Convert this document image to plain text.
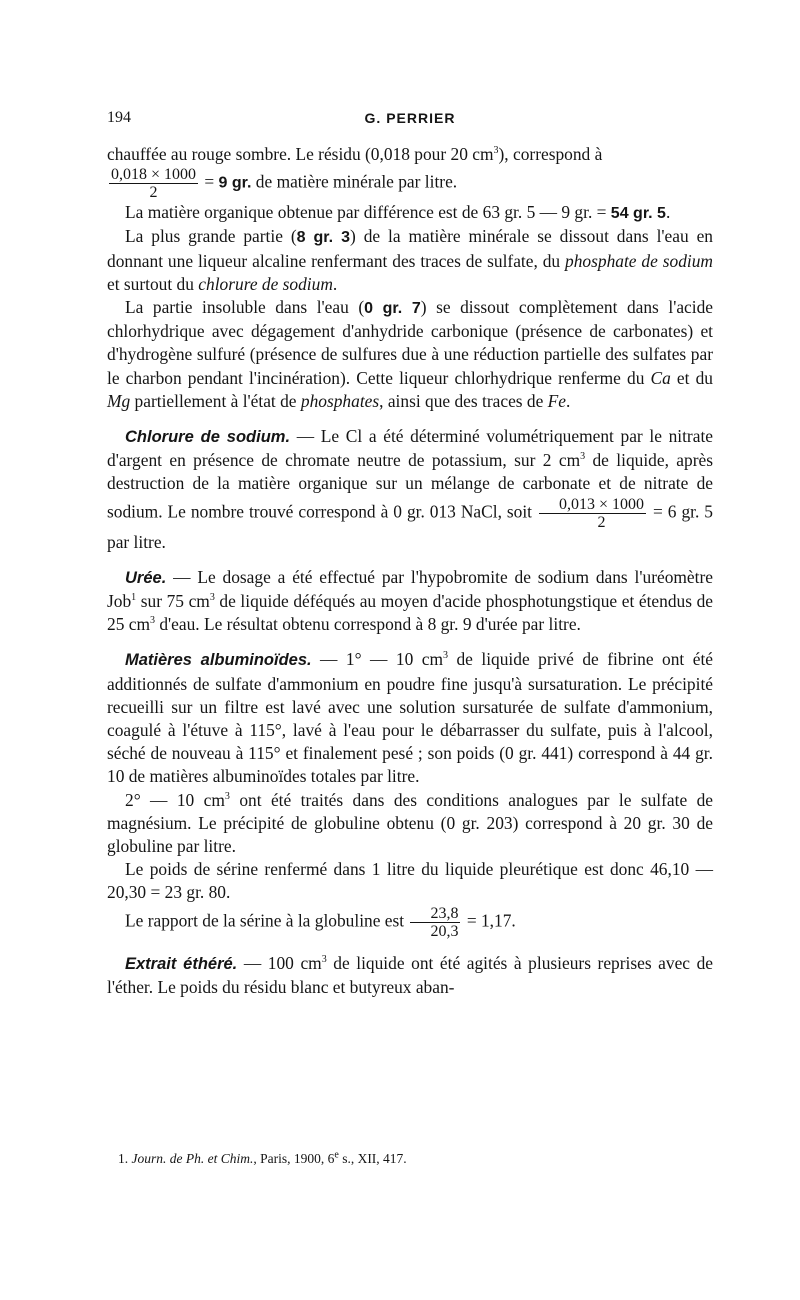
194	G. PERRIER

chauffée au rouge sombre. Le résidu (0,018 pour 20 $cm^3$), correspond à

$\frac{0,018 \times 1000}{2} = 9$ gr. de matière minérale par litre.

La matière organique obtenue par différence est de 63 gr. 5 — 9 gr. = 54 gr. 5.

La plus grande partie (8 gr. 3) de la matière minérale se dissout dans l'eau en donnant une liqueur alcaline renfermant des traces de sulfate, du phosphate de sodium et surtout du chlorure de sodium.

La partie insoluble dans l'eau (0 gr. 7) se dissout complètement dans l'acide chlorhydrique avec dégagement d'anhydride carbonique (présence de carbonates) et d'hydrogène sulfuré (présence de sulfures due à une réduction partielle des sulfates par le charbon pendant l'incinération). Cette liqueur chlorhydrique renferme du Ca et du Mg partiellement à l'état de phosphates, ainsi que des traces de Fe.

Chlorure de sodium. — Le Cl a été déterminé volumétriquement par le nitrate d'argent en présence de chromate neutre de potassium, sur 2 $cm^3$ de liquide, après destruction de la matière organique sur un mélange de carbonate et de nitrate de sodium. Le nombre trouvé correspond à 0 gr. 013 NaCl, soit $\frac{0,013 \times 1000}{2} = 6$ gr. 5 par litre.

Urée. — Le dosage a été effectué par l'hypobromite de sodium dans l'uréomètre Job$^1$ sur 75 $cm^3$ de liquide déféqués au moyen d'acide phosphotungstique et étendus de 25 $cm^3$ d'eau. Le résultat obtenu correspond à 8 gr. 9 d'urée par litre.

Matières albuminoïdes. — 1° — 10 $cm^3$ de liquide privé de fibrine ont été additionnés de sulfate d'ammonium en poudre fine jusqu'à sursaturation. Le précipité recueilli sur un filtre est lavé avec une solution sursaturée de sulfate d'ammonium, coagulé à l'étuve à 115°, lavé à l'eau pour le débarrasser du sulfate, puis à l'alcool, séché de nouveau à 115° et finalement pesé ; son poids (0 gr. 441) correspond à 44 gr. 10 de matières albuminoïdes totales par litre.

2° — 10 $cm^3$ ont été traités dans des conditions analogues par le sulfate de magnésium. Le précipité de globuline obtenu (0 gr. 203) correspond à 20 gr. 30 de globuline par litre.

Le poids de sérine renfermé dans 1 litre du liquide pleurétique est donc 46,10 — 20,30 = 23 gr. 80.

Le rapport de la sérine à la globuline est $\frac{23,8}{20,3} = 1,17$.

Extrait éthéré. — 100 $cm^3$ de liquide ont été agités à plusieurs reprises avec de l'éther. Le poids du résidu blanc et butyreux aban-

1. Journ. de Ph. et Chim., Paris, 1900, 6e s., XII, 417.
